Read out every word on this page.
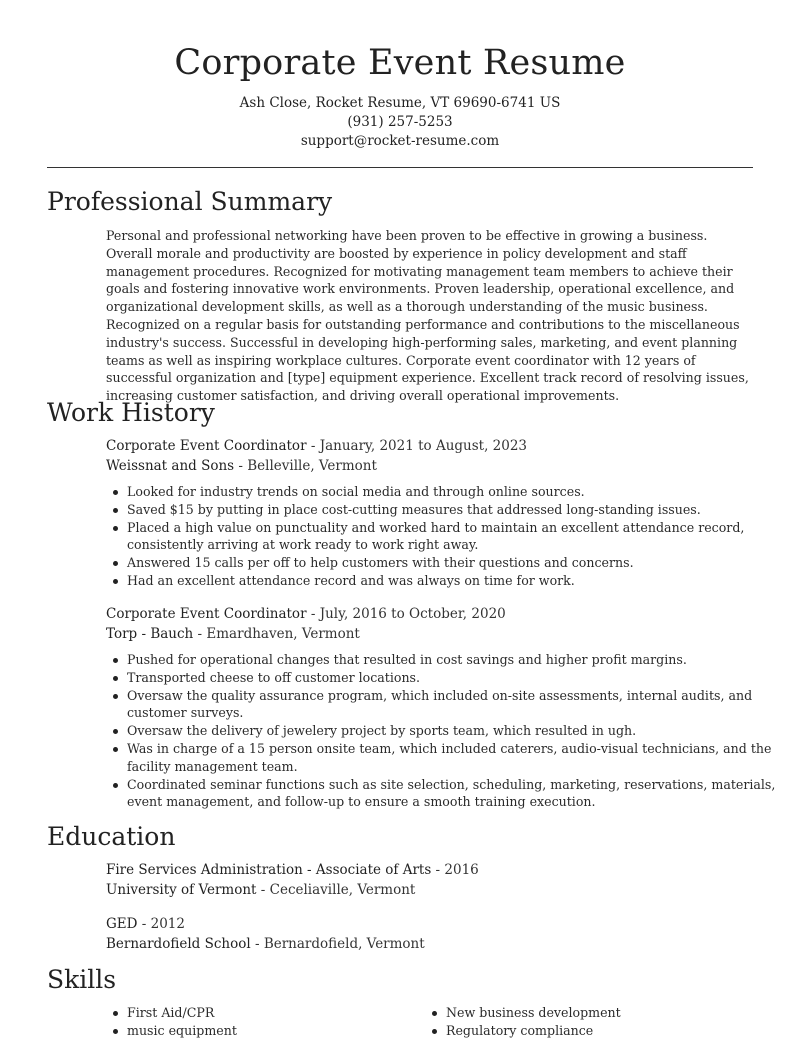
Corporate Event Resume
Ash Close, Rocket Resume, VT 69690-6741 US
(931) 257-5253
support@rocket-resume.com
Professional Summary
Personal and professional networking have been proven to be effective in growing a business. Overall morale and productivity are boosted by experience in policy development and staff management procedures. Recognized for motivating management team members to achieve their goals and fostering innovative work environments. Proven leadership, operational excellence, and organizational development skills, as well as a thorough understanding of the music business. Recognized on a regular basis for outstanding performance and contributions to the miscellaneous industry's success. Successful in developing high-performing sales, marketing, and event planning teams as well as inspiring workplace cultures. Corporate event coordinator with 12 years of successful organization and [type] equipment experience. Excellent track record of resolving issues, increasing customer satisfaction, and driving overall operational improvements.
Work History
Corporate Event Coordinator - January, 2021 to August, 2023
Weissnat and Sons - Belleville, Vermont
Looked for industry trends on social media and through online sources.
Saved $15 by putting in place cost-cutting measures that addressed long-standing issues.
Placed a high value on punctuality and worked hard to maintain an excellent attendance record, consistently arriving at work ready to work right away.
Answered 15 calls per off to help customers with their questions and concerns.
Had an excellent attendance record and was always on time for work.
Corporate Event Coordinator - July, 2016 to October, 2020
Torp - Bauch - Emardhaven, Vermont
Pushed for operational changes that resulted in cost savings and higher profit margins.
Transported cheese to off customer locations.
Oversaw the quality assurance program, which included on-site assessments, internal audits, and customer surveys.
Oversaw the delivery of jewelery project by sports team, which resulted in ugh.
Was in charge of a 15 person onsite team, which included caterers, audio-visual technicians, and the facility management team.
Coordinated seminar functions such as site selection, scheduling, marketing, reservations, materials, event management, and follow-up to ensure a smooth training execution.
Education
Fire Services Administration - Associate of Arts - 2016
University of Vermont - Ceceliaville, Vermont
GED - 2012
Bernardofield School - Bernardofield, Vermont
Skills
First Aid/CPR
music equipment
New business development
Regulatory compliance
